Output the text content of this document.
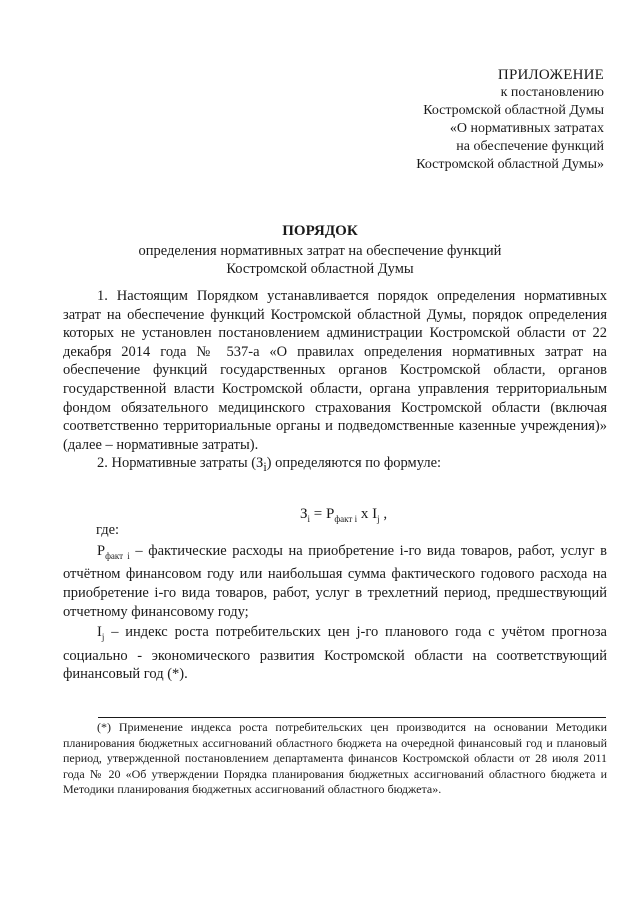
ПРИЛОЖЕНИЕ
к постановлению
Костромской областной Думы
«О нормативных затратах
на обеспечение функций
Костромской областной Думы»
ПОРЯДОК
определения нормативных затрат на обеспечение функций
Костромской областной Думы

1. Настоящим Порядком устанавливается порядок определения нормативных затрат на обеспечение функций Костромской областной Думы, порядок определения которых не установлен постановлением администрации Костромской области от 22 декабря 2014 года № 537-а «О правилах определения нормативных затрат на обеспечение функций государственных органов Костромской области, органов государственной власти Костромской области, органа управления территориальным фондом обязательного медицинского страхования Костромской области (включая соответственно территориальные органы и подведомственные казенные учреждения)» (далее – нормативные затраты).

2. Нормативные затраты $(З_i)$ определяются по формуле:

$З_i = Р_{факт i}$ х $I_j$ ,
где:

$Р_{факт i}$ – фактические расходы на приобретение i-го вида товаров, работ, услуг в отчётном финансовом году или наибольшая сумма фактического годового расхода на приобретение i-го вида товаров, работ, услуг в трехлетний период, предшествующий отчетному финансовому году;

$I_j$ – индекс роста потребительских цен j-го планового года с учётом прогноза социально - экономического развития Костромской области на соответствующий финансовый год (*).

(*) Применение индекса роста потребительских цен производится на основании Методики планирования бюджетных ассигнований областного бюджета на очередной финансовый год и плановый период, утвержденной постановлением департамента финансов Костромской области от 28 июля 2011 года № 20 «Об утверждении Порядка планирования бюджетных ассигнований областного бюджета и Методики планирования бюджетных ассигнований областного бюджета».
